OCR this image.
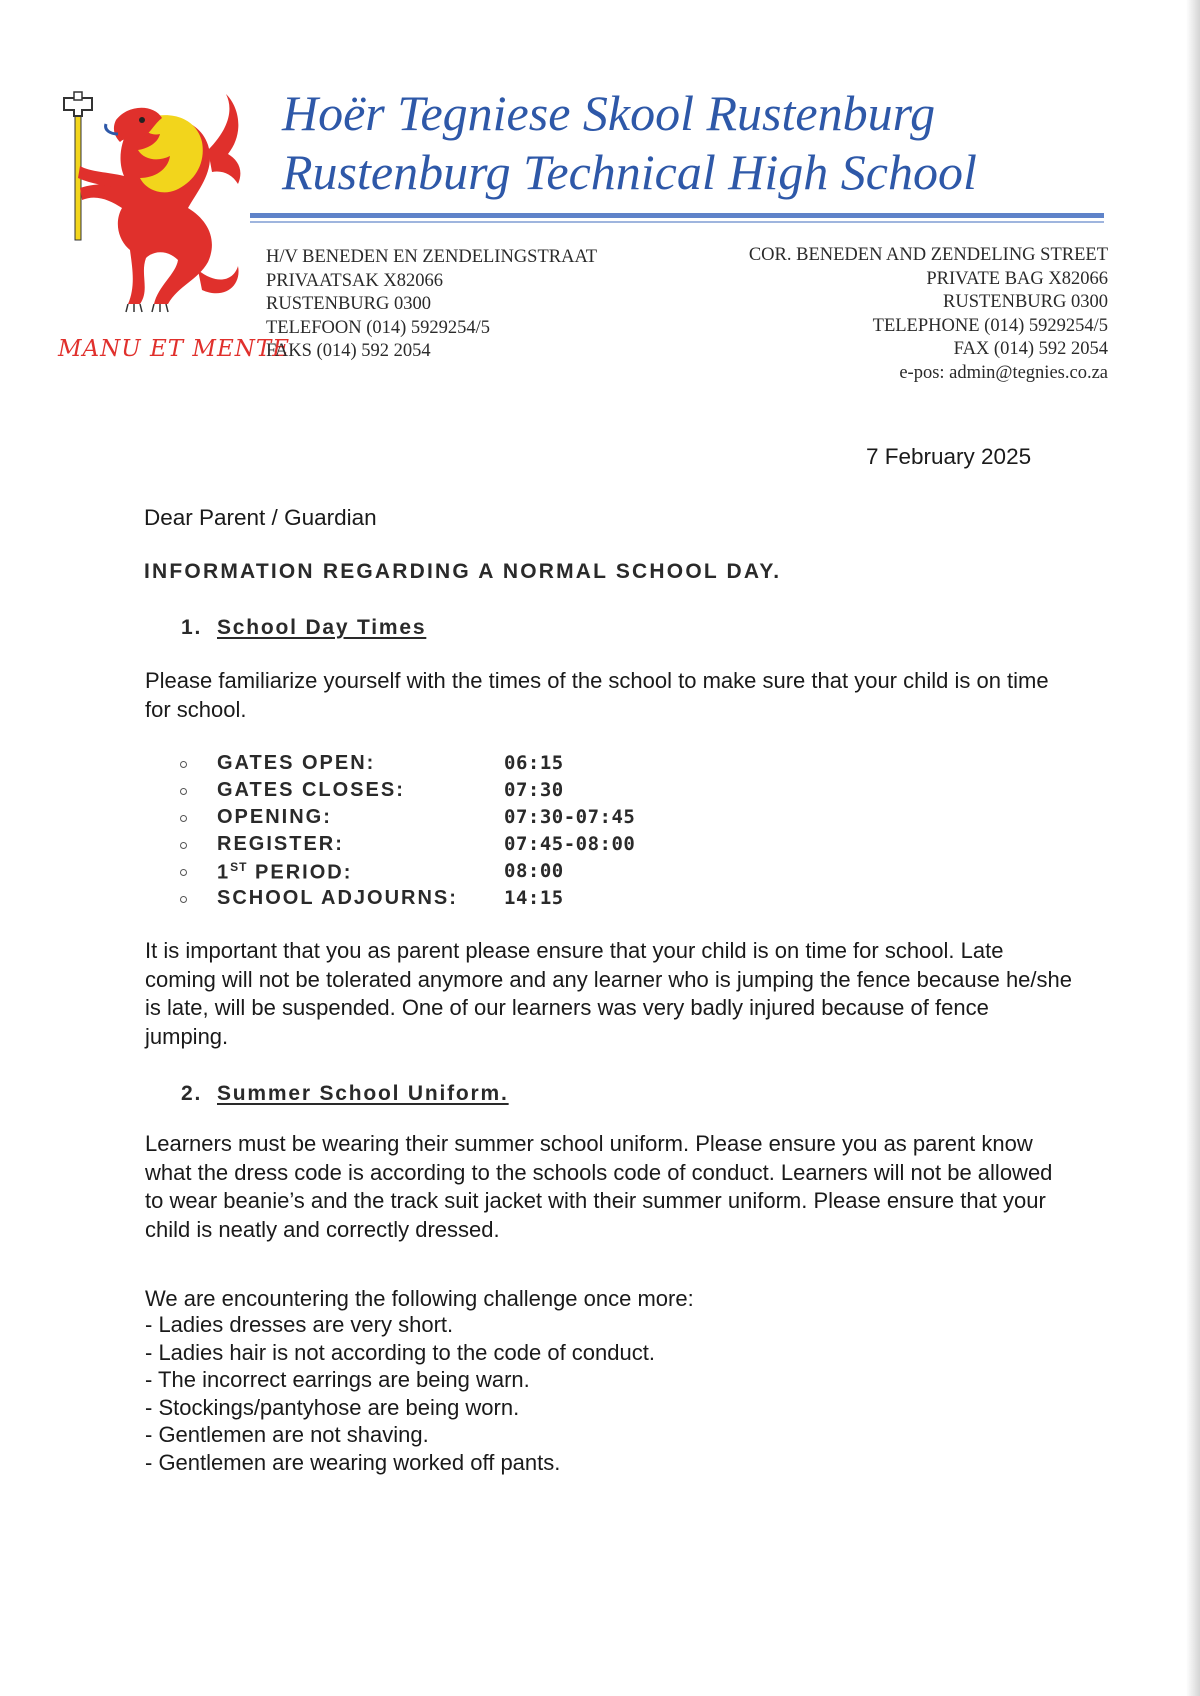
MANU ET MENTE
Hoër Tegniese Skool Rustenburg
Rustenburg Technical High School
H/V BENEDEN EN ZENDELINGSTRAAT
PRIVAATSAK X82066
RUSTENBURG 0300
TELEFOON (014) 5929254/5
FAKS (014) 592 2054
COR. BENEDEN AND ZENDELING STREET
PRIVATE BAG X82066
RUSTENBURG 0300
TELEPHONE (014) 5929254/5
FAX (014) 592 2054
e-pos: admin@tegnies.co.za
7 February 2025
Dear Parent / Guardian
INFORMATION REGARDING A NORMAL SCHOOL DAY.
1. School Day Times
Please familiarize yourself with the times of the school to make sure that your child is on time for school.
GATES OPEN:	06:15
GATES CLOSES:	07:30
OPENING:	07:30-07:45
REGISTER:	07:45-08:00
1ST PERIOD:	08:00
SCHOOL ADJOURNS: 14:15
It is important that you as parent please ensure that your child is on time for school. Late coming will not be tolerated anymore and any learner who is jumping the fence because he/she is late, will be suspended. One of our learners was very badly injured because of fence jumping.
2. Summer School Uniform.
Learners must be wearing their summer school uniform. Please ensure you as parent know what the dress code is according to the schools code of conduct. Learners will not be allowed to wear beanie’s and the track suit jacket with their summer uniform. Please ensure that your child is neatly and correctly dressed.
We are encountering the following challenge once more:
- Ladies dresses are very short.
- Ladies hair is not according to the code of conduct.
- The incorrect earrings are being warn.
- Stockings/pantyhose are being worn.
- Gentlemen are not shaving.
- Gentlemen are wearing worked off pants.
